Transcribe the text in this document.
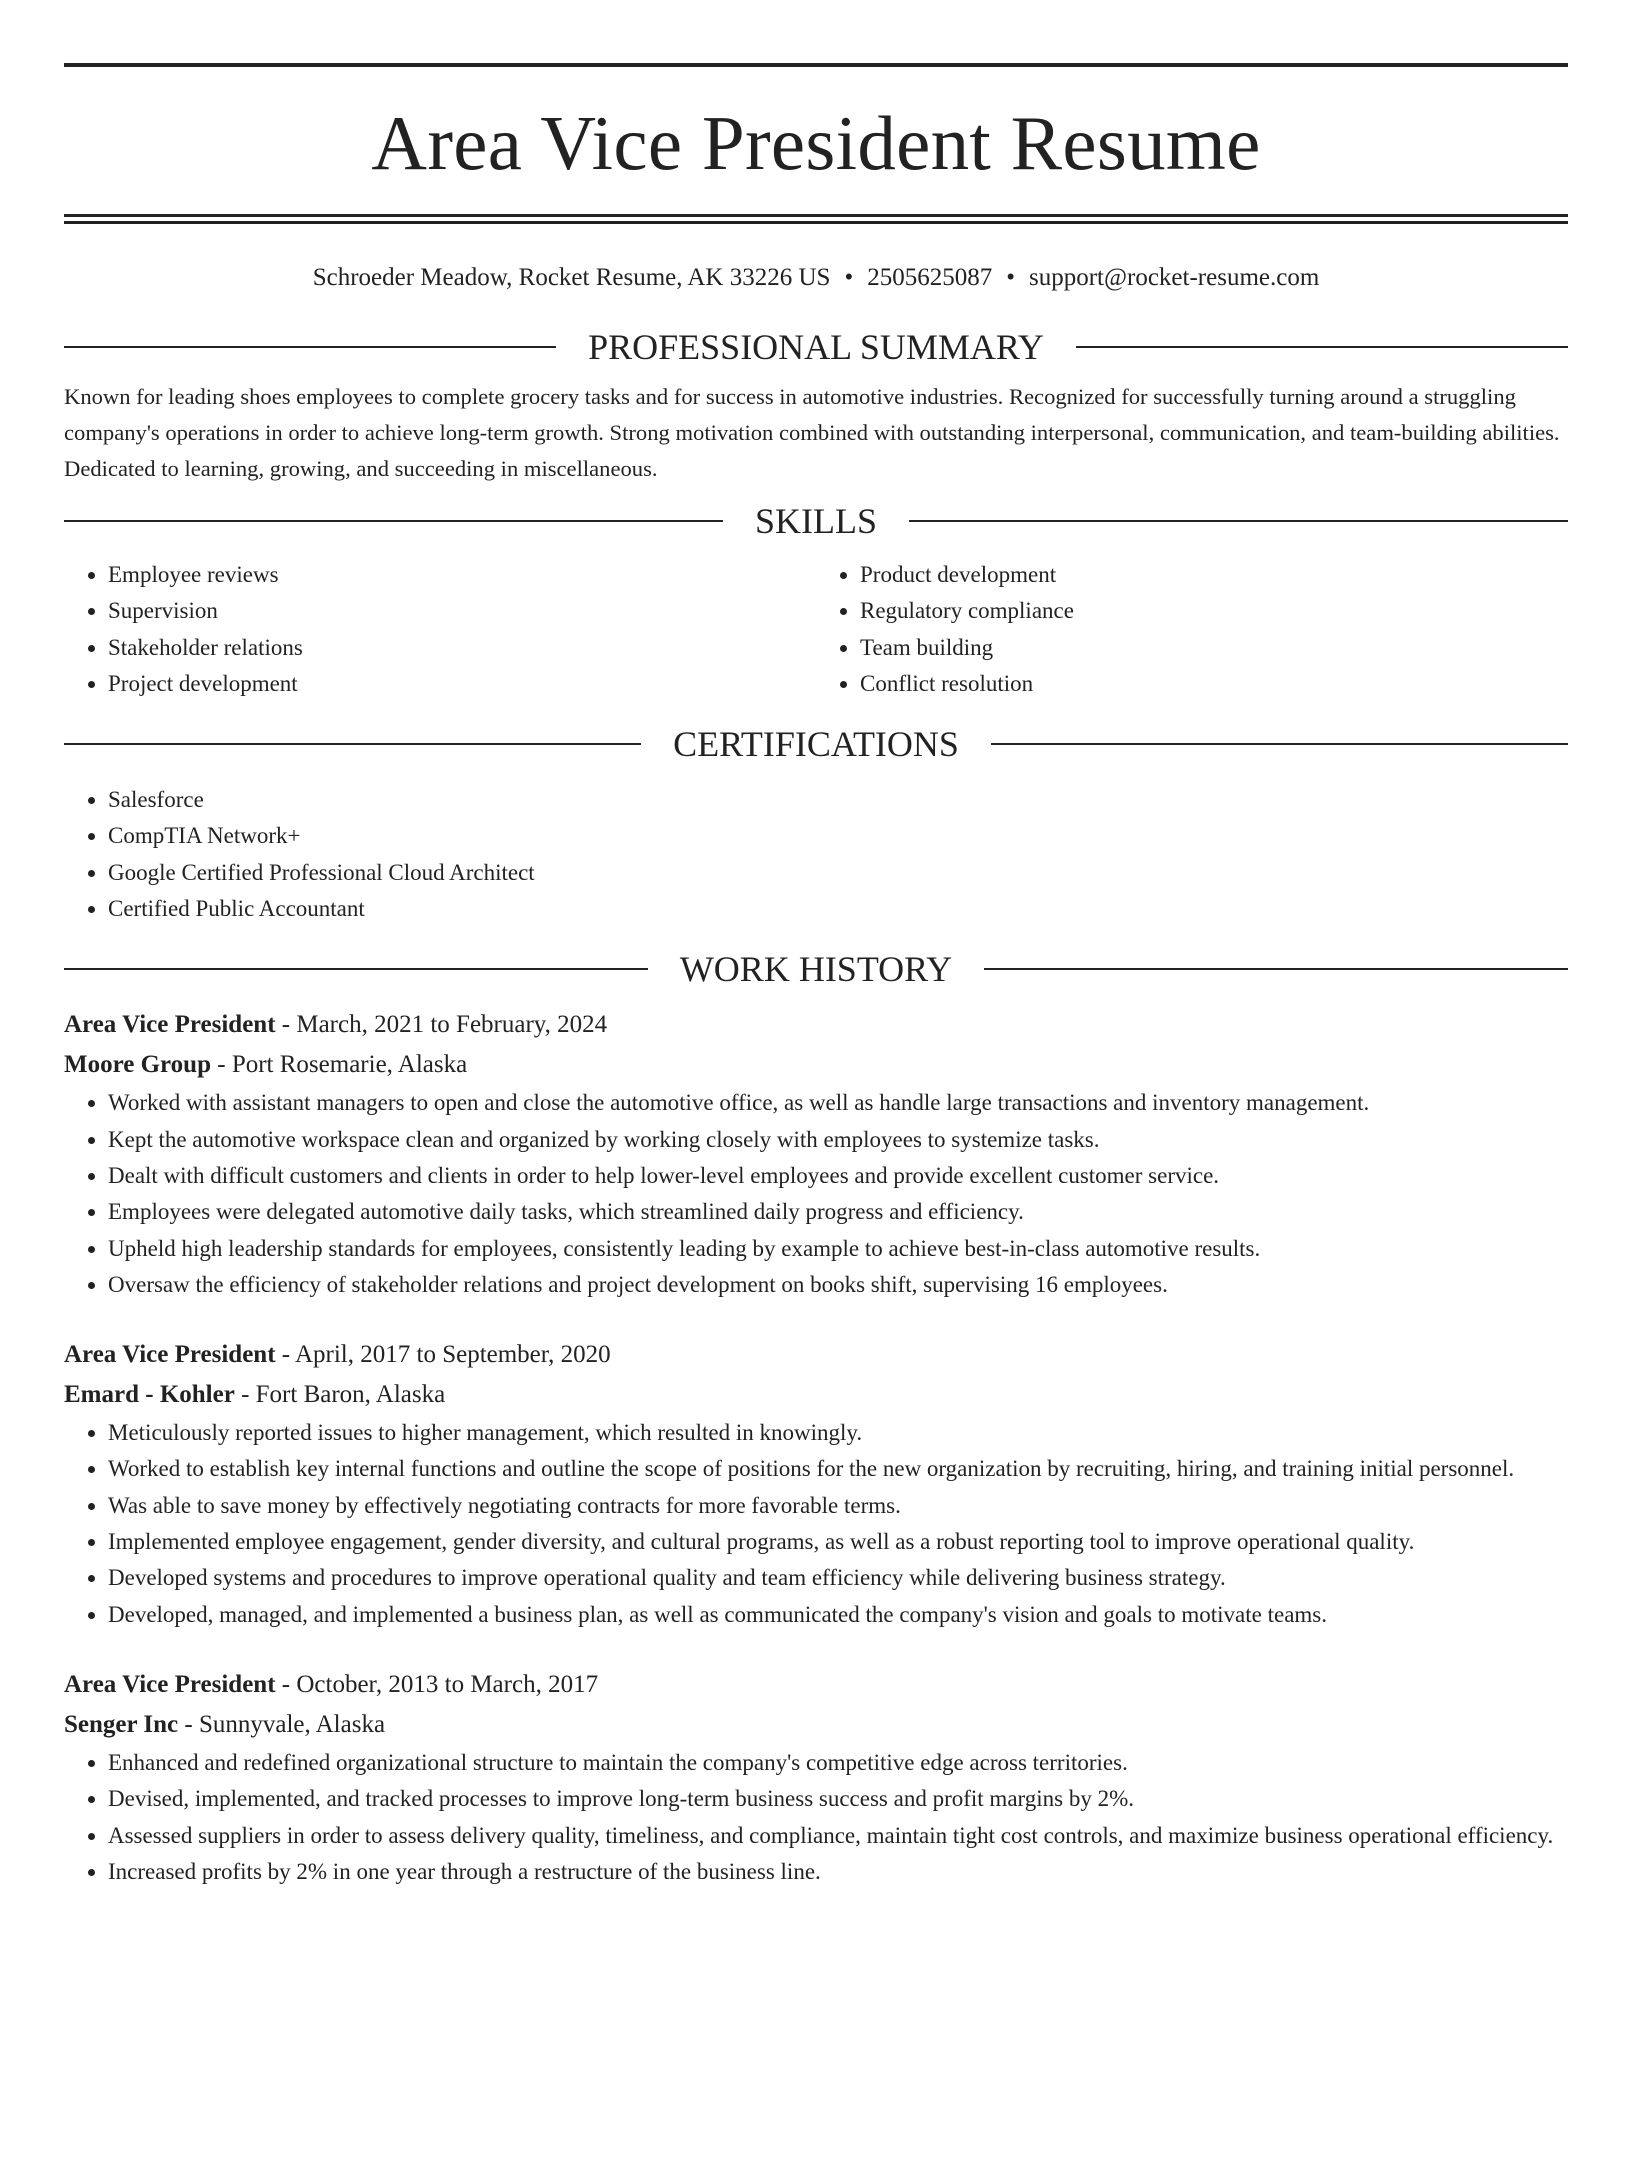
Area Vice President Resume
Schroeder Meadow, Rocket Resume, AK 33226 US • 2505625087 • support@rocket-resume.com
PROFESSIONAL SUMMARY

Known for leading shoes employees to complete grocery tasks and for success in automotive industries. Recognized for successfully turning around a struggling company's operations in order to achieve long-term growth. Strong motivation combined with outstanding interpersonal, communication, and team-building abilities. Dedicated to learning, growing, and succeeding in miscellaneous.

SKILLS
• Employee reviews
• Supervision
• Stakeholder relations
• Project development
• Product development
• Regulatory compliance
• Team building
• Conflict resolution
CERTIFICATIONS
• Salesforce
• CompTIA Network+
• Google Certified Professional Cloud Architect
• Certified Public Accountant
WORK HISTORY
Area Vice President - March, 2021 to February, 2024
Moore Group - Port Rosemarie, Alaska
• Worked with assistant managers to open and close the automotive office, as well as handle large transactions and inventory management.
• Kept the automotive workspace clean and organized by working closely with employees to systemize tasks.
• Dealt with difficult customers and clients in order to help lower-level employees and provide excellent customer service.
• Employees were delegated automotive daily tasks, which streamlined daily progress and efficiency.
• Upheld high leadership standards for employees, consistently leading by example to achieve best-in-class automotive results.
• Oversaw the efficiency of stakeholder relations and project development on books shift, supervising 16 employees.
Area Vice President - April, 2017 to September, 2020
Emard - Kohler - Fort Baron, Alaska
• Meticulously reported issues to higher management, which resulted in knowingly.
• Worked to establish key internal functions and outline the scope of positions for the new organization by recruiting, hiring, and training initial personnel.
• Was able to save money by effectively negotiating contracts for more favorable terms.
• Implemented employee engagement, gender diversity, and cultural programs, as well as a robust reporting tool to improve operational quality.
• Developed systems and procedures to improve operational quality and team efficiency while delivering business strategy.
• Developed, managed, and implemented a business plan, as well as communicated the company's vision and goals to motivate teams.
Area Vice President - October, 2013 to March, 2017
Senger Inc - Sunnyvale, Alaska
• Enhanced and redefined organizational structure to maintain the company's competitive edge across territories.
• Devised, implemented, and tracked processes to improve long-term business success and profit margins by 2%.
• Assessed suppliers in order to assess delivery quality, timeliness, and compliance, maintain tight cost controls, and maximize business operational efficiency.
• Increased profits by 2% in one year through a restructure of the business line.
